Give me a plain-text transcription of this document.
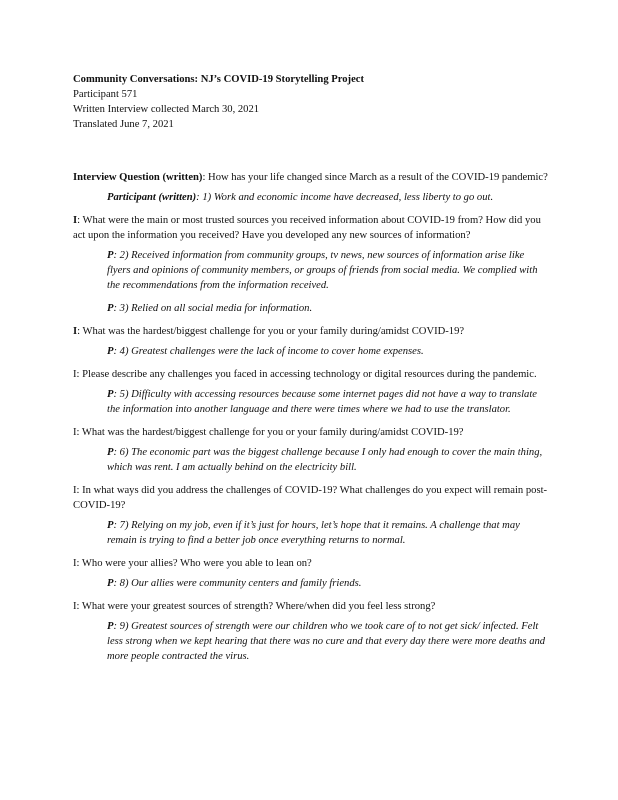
Community Conversations: NJ’s COVID-19 Storytelling Project

Participant 571

Written Interview collected March 30, 2021

Translated June 7, 2021

Interview Question (written): How has your life changed since March as a result of the COVID-19 pandemic?

Participant (written): 1) Work and economic income have decreased, less liberty to go out.

I: What were the main or most trusted sources you received information about COVID-19 from? How did you act upon the information you received? Have you developed any new sources of information?

P: 2) Received information from community groups, tv news, new sources of information arise like flyers and opinions of community members, or groups of friends from social media. We complied with the recommendations from the information received.

P: 3) Relied on all social media for information.

I: What was the hardest/biggest challenge for you or your family during/amidst COVID-19?

P: 4) Greatest challenges were the lack of income to cover home expenses.

I: Please describe any challenges you faced in accessing technology or digital resources during the pandemic.

P: 5) Difficulty with accessing resources because some internet pages did not have a way to translate the information into another language and there were times where we had to use the translator.

I: What was the hardest/biggest challenge for you or your family during/amidst COVID-19?

P: 6) The economic part was the biggest challenge because I only had enough to cover the main thing, which was rent. I am actually behind on the electricity bill.

I: In what ways did you address the challenges of COVID-19? What challenges do you expect will remain post-COVID-19?

P: 7) Relying on my job, even if it’s just for hours, let’s hope that it remains. A challenge that may remain is trying to find a better job once everything returns to normal.

I: Who were your allies? Who were you able to lean on?

P: 8) Our allies were community centers and family friends.

I: What were your greatest sources of strength? Where/when did you feel less strong?

P: 9) Greatest sources of strength were our children who we took care of to not get sick/ infected. Felt less strong when we kept hearing that there was no cure and that every day there were more deaths and more people contracted the virus.
